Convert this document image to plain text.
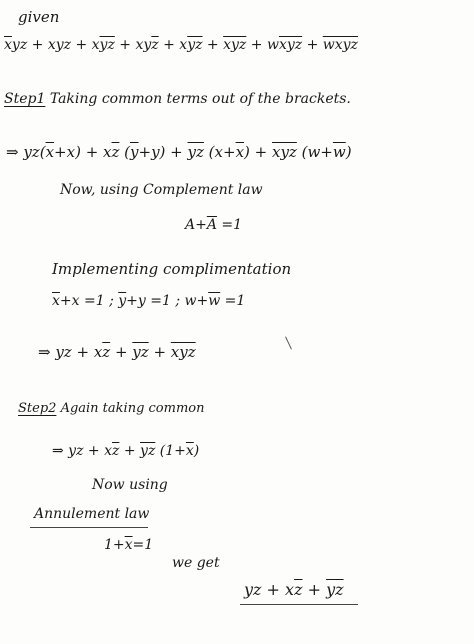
given
$\overline{x}yz$ + xyz + $x\overline{yz} + xy\overline{z} + x\overline{yz} + \overline{xyz} + w\overline{xyz}$ + wxyz
Step1 Taking common terms out of the brackets.
⇒ $yz(\overline{x}+x) + x\overline{z}$ $(\overline{y}+y) + \overline{yz}$ $(x+\overline{x}) + \overline{xyz}$ $(w+\overline{w})$
Now, using Complement law
$A+\overline{A} =1$
Implementing complimentation
$\overline{x}+x =1$ ; $\overline{y}+y =1$ ; $w+\overline{w} =1$
⇒ yz + $x\overline{z} + \overline{yz} + \overline{xyz}$
Step2 Again taking common
⇒ yz + $x\overline{z} + \overline{yz}$ $(1+\overline{x})$
Now using
Annulement law
$1+\overline{x}=1$
we get
yz + $x\overline{z} + \overline{yz}$
